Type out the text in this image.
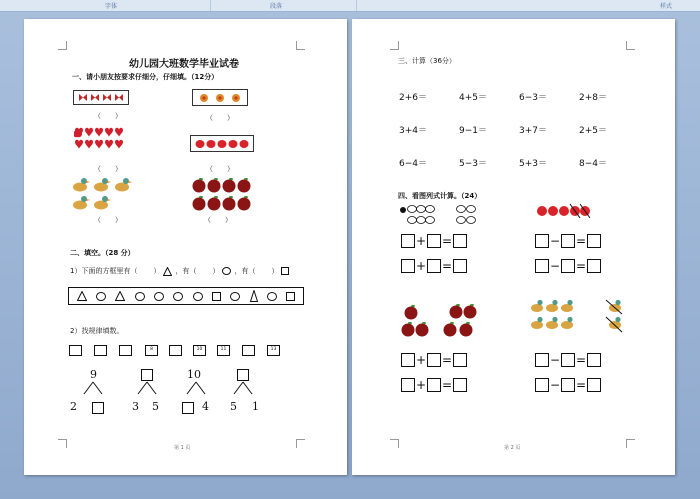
字体	段落	样式
幼儿园大班数学毕业试卷
一、请小朋友按要求仔细分，仔细填。（12分）
（　　）	（　　）
（　　）	（　　）
（　　）	（　　）
二、填空。（28 分）
1）下面的方框里有（ ） ，有（ ） ，有（ ）
2）找规律填数。
8	10	11	13
9
2	3 5
10
4 5 1
第 1 页
三、计算（36分）
2+6＝	4+5＝	6−3＝	2+8＝
3+4＝	9−1＝	3+7＝	2+5＝
6−4＝	5−3＝	5+3＝	8−4＝
四、看图列式计算。（24）
+ =	− =
+ =	− =
+ =	− =
+ =	− =
第 2 页
